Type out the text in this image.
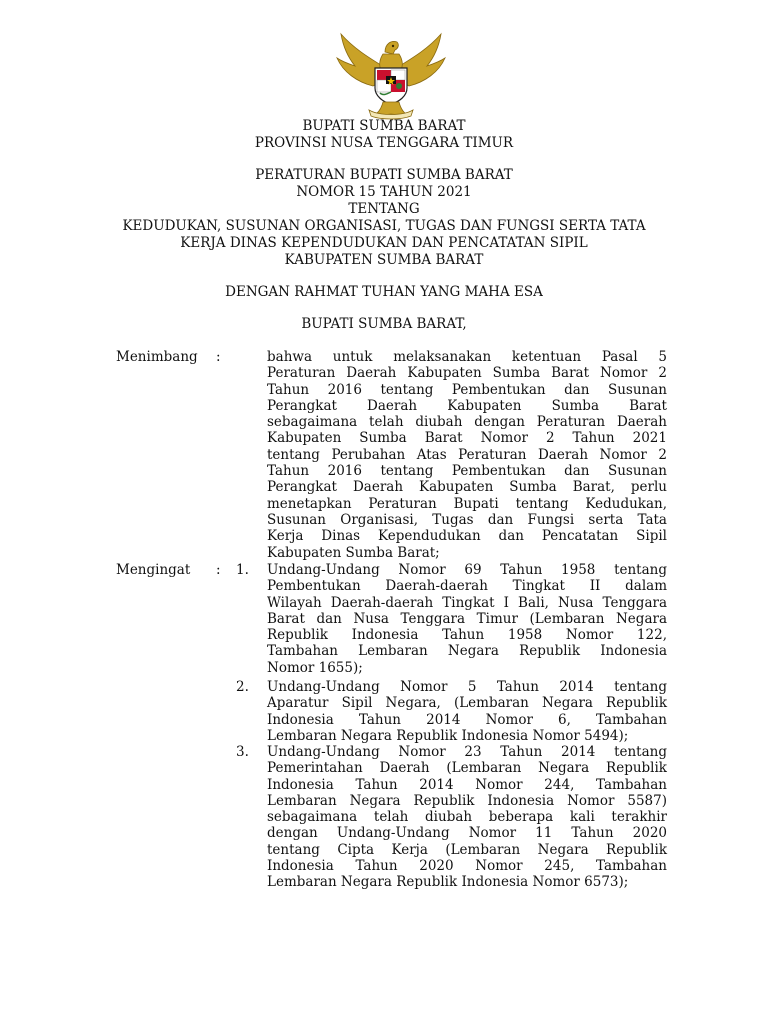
BUPATI SUMBA BARAT
PROVINSI NUSA TENGGARA TIMUR
PERATURAN BUPATI SUMBA BARAT
NOMOR 15 TAHUN 2021
TENTANG
KEDUDUKAN, SUSUNAN ORGANISASI, TUGAS DAN FUNGSI SERTA TATA
KERJA DINAS KEPENDUDUKAN DAN PENCATATAN SIPIL
KABUPATEN SUMBA BARAT
DENGAN RAHMAT TUHAN YANG MAHA ESA
BUPATI SUMBA BARAT,
Menimbang :	bahwa untuk melaksanakan ketentuan Pasal 5
Peraturan Daerah Kabupaten Sumba Barat Nomor 2
Tahun 2016 tentang Pembentukan dan Susunan
Perangkat Daerah Kabupaten Sumba Barat
sebagaimana telah diubah dengan Peraturan Daerah
Kabupaten Sumba Barat Nomor 2 Tahun 2021
tentang Perubahan Atas Peraturan Daerah Nomor 2
Tahun 2016 tentang Pembentukan dan Susunan
Perangkat Daerah Kabupaten Sumba Barat, perlu
menetapkan Peraturan Bupati tentang Kedudukan,
Susunan Organisasi, Tugas dan Fungsi serta Tata
Kerja Dinas Kependudukan dan Pencatatan Sipil
Kabupaten Sumba Barat;
Mengingat : 1. Undang-Undang Nomor 69 Tahun 1958 tentang
Pembentukan Daerah-daerah Tingkat II dalam
Wilayah Daerah-daerah Tingkat I Bali, Nusa Tenggara
Barat dan Nusa Tenggara Timur (Lembaran Negara
Republik Indonesia Tahun 1958 Nomor 122,
Tambahan Lembaran Negara Republik Indonesia
Nomor 1655);
2. Undang-Undang Nomor 5 Tahun 2014 tentang
Aparatur Sipil Negara, (Lembaran Negara Republik
Indonesia Tahun 2014 Nomor 6, Tambahan
Lembaran Negara Republik Indonesia Nomor 5494);
3. Undang-Undang Nomor 23 Tahun 2014 tentang
Pemerintahan Daerah (Lembaran Negara Republik
Indonesia Tahun 2014 Nomor 244, Tambahan
Lembaran Negara Republik Indonesia Nomor 5587)
sebagaimana telah diubah beberapa kali terakhir
dengan Undang-Undang Nomor 11 Tahun 2020
tentang Cipta Kerja (Lembaran Negara Republik
Indonesia Tahun 2020 Nomor 245, Tambahan
Lembaran Negara Republik Indonesia Nomor 6573);
